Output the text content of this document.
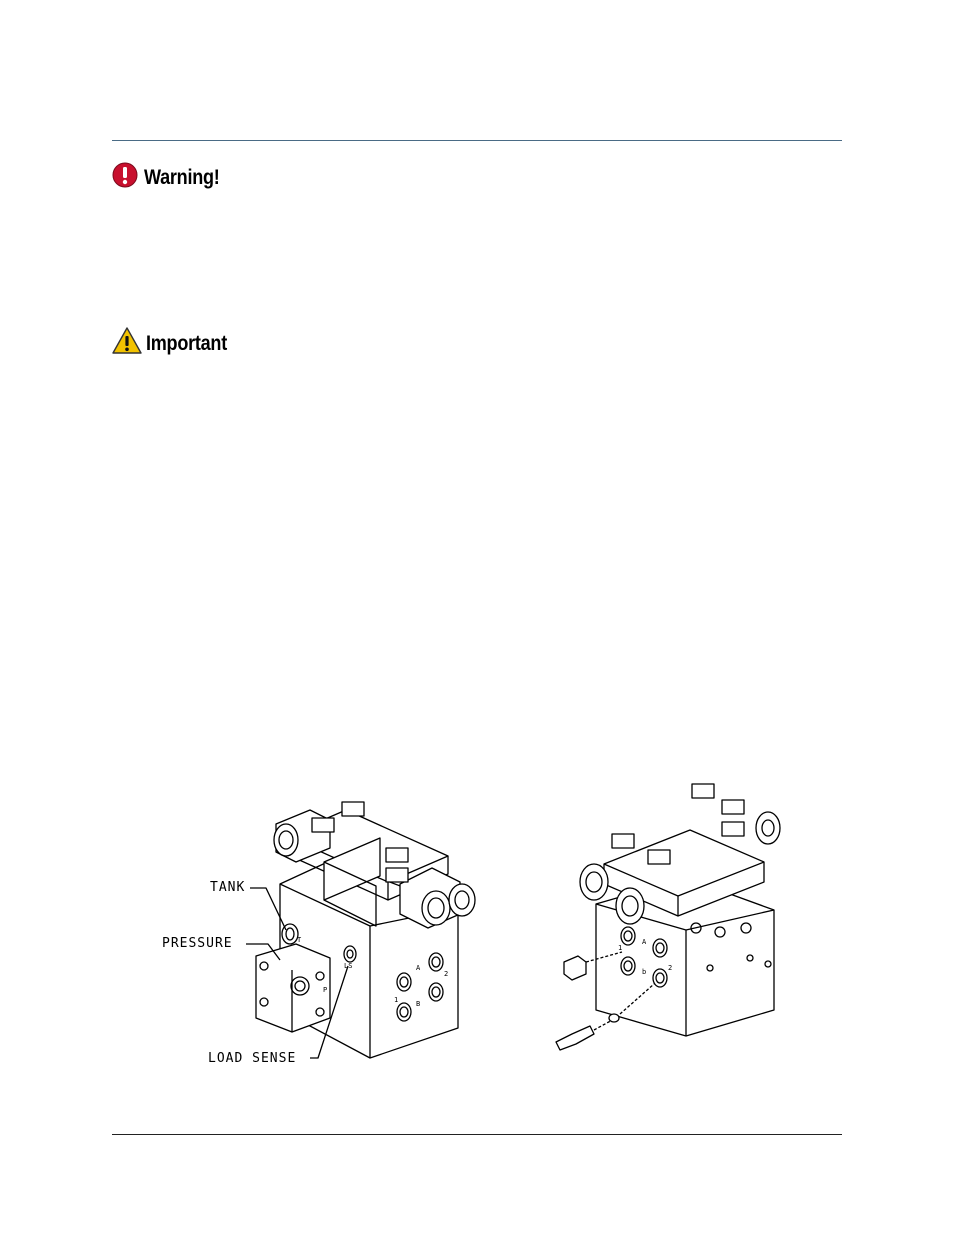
Warning!
Important
TANK
PRESSURE
LOAD SENSE
T
P
LS	A
B
1
2
1
A
b	2
